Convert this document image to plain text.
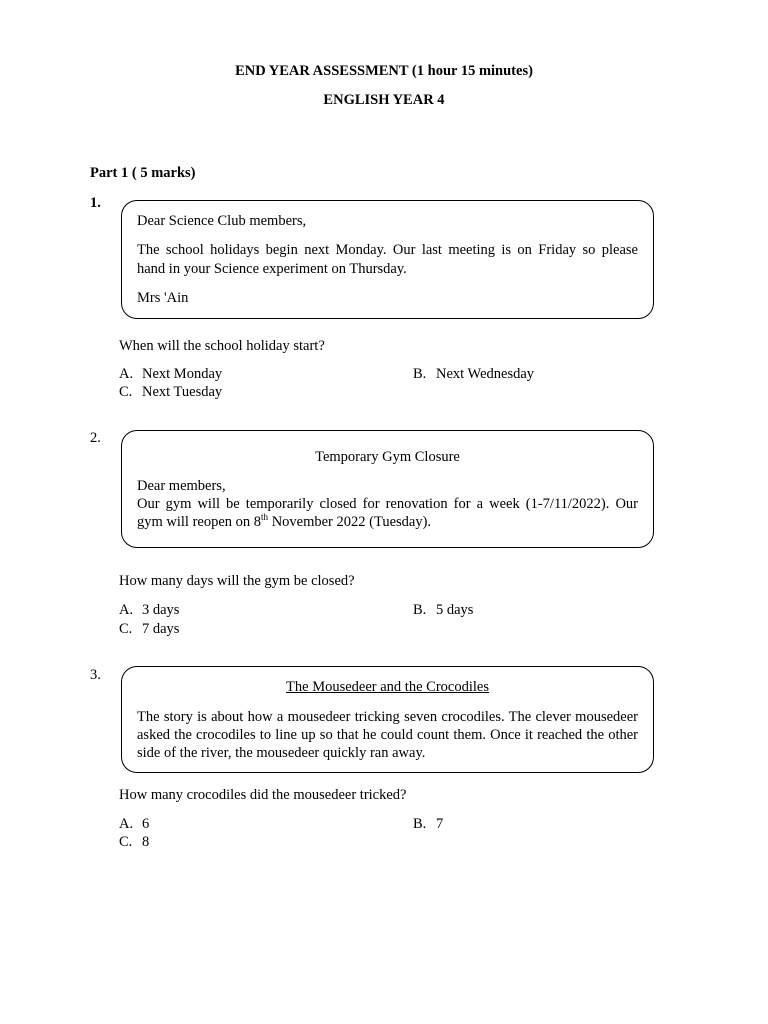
END YEAR ASSESSMENT (1 hour 15 minutes)
ENGLISH YEAR 4
Part 1 ( 5 marks)
1.
Dear Science Club members,
The school holidays begin next Monday. Our last meeting is on Friday so please
hand in your Science experiment on Thursday.
Mrs 'Ain
When will the school holiday start?
A. Next Monday	B. Next Wednesday
C. Next Tuesday
2.
Temporary Gym Closure
Dear members,
Our gym will be temporarily closed for renovation for a week (1-7/11/2022). Our
gym will reopen on 8th November 2022 (Tuesday).
How many days will the gym be closed?
A. 3 days	B. 5 days
C. 7 days
3.
The Mousedeer and the Crocodiles
The story is about how a mousedeer tricking seven crocodiles. The clever mousedeer
asked the crocodiles to line up so that he could count them. Once it reached the other
side of the river, the mousedeer quickly ran away.
How many crocodiles did the mousedeer tricked?
A. 6	B. 7
C. 8
